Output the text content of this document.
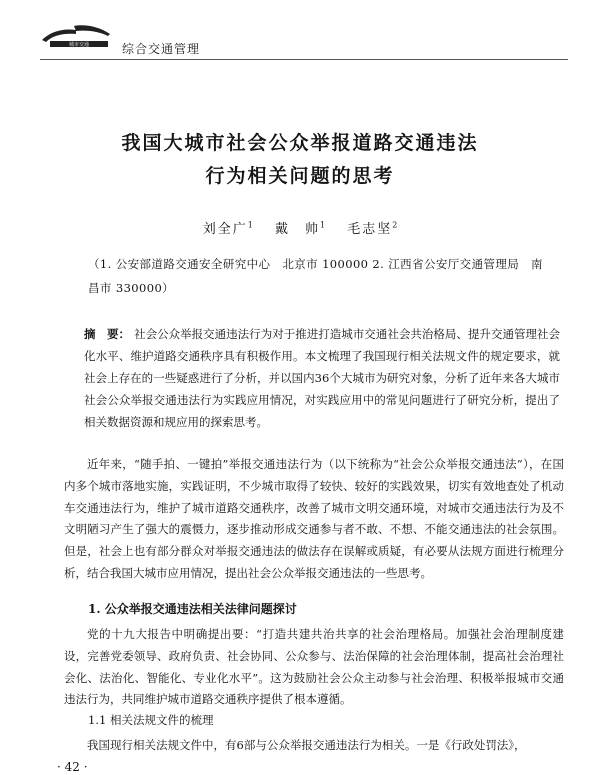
城市交通	综合交通管理
我国大城市社会公众举报道路交通违法
行为相关问题的思考
刘全广$^1$ 戴　帅$^1$ 毛志坚$^2$
（1. 公安部道路交通安全研究中心　北京市 100000 2. 江西省公安厅交通管理局　南昌市 330000）
摘　要： 社会公众举报交通违法行为对于推进打造城市交通社会共治格局、提升交通管理社会化水平、维护道路交通秩序具有积极作用。本文梳理了我国现行相关法规文件的规定要求，就社会上存在的一些疑惑进行了分析，并以国内36个大城市为研究对象，分析了近年来各大城市社会公众举报交通违法行为实践应用情况，对实践应用中的常见问题进行了研究分析，提出了相关数据资源和规应用的探索思考。
近年来，“随手拍、一键拍”举报交通违法行为（以下统称为“社会公众举报交通违法”），在国内多个城市落地实施，实践证明，不少城市取得了较快、较好的实践效果，切实有效地查处了机动车交通违法行为，维护了城市道路交通秩序，改善了城市文明交通环境，对城市交通违法行为及不文明陋习产生了强大的震慑力，逐步推动形成交通参与者不敢、不想、不能交通违法的社会氛围。但是，社会上也有部分群众对举报交通违法的做法存在误解或质疑，有必要从法规方面进行梳理分析，结合我国大城市应用情况，提出社会公众举报交通违法的一些思考。
1. 公众举报交通违法相关法律问题探讨
党的十九大报告中明确提出要：“打造共建共治共享的社会治理格局。加强社会治理制度建设，完善党委领导、政府负责、社会协同、公众参与、法治保障的社会治理体制，提高社会治理社会化、法治化、智能化、专业化水平”。这为鼓励社会公众主动参与社会治理、积极举报城市交通违法行为，共同维护城市道路交通秩序提供了根本遵循。
1.1 相关法规文件的梳理
我国现行相关法规文件中，有6部与公众举报交通违法行为相关。一是《行政处罚法》，
· 42 ·
